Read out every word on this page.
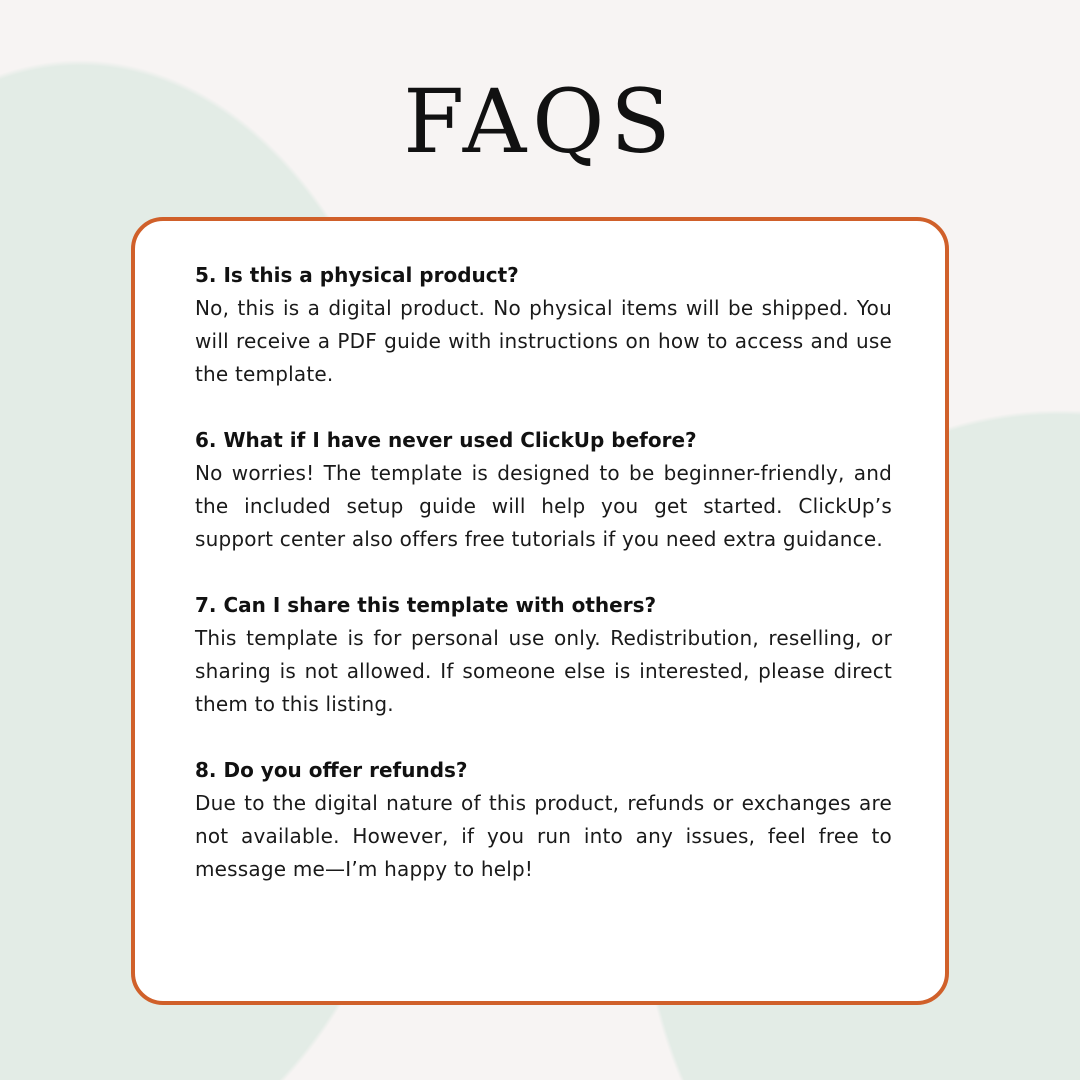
FAQS
5. Is this a physical product?
No, this is a digital product. No physical items will be shipped. You will receive a PDF guide with instructions on how to access and use the template.
6. What if I have never used ClickUp before?
No worries! The template is designed to be beginner-friendly, and the included setup guide will help you get started. ClickUp’s support center also offers free tutorials if you need extra guidance.
7. Can I share this template with others?
This template is for personal use only. Redistribution, reselling, or sharing is not allowed. If someone else is interested, please direct them to this listing.
8. Do you offer refunds?
Due to the digital nature of this product, refunds or exchanges are not available. However, if you run into any issues, feel free to message me—I’m happy to help!
